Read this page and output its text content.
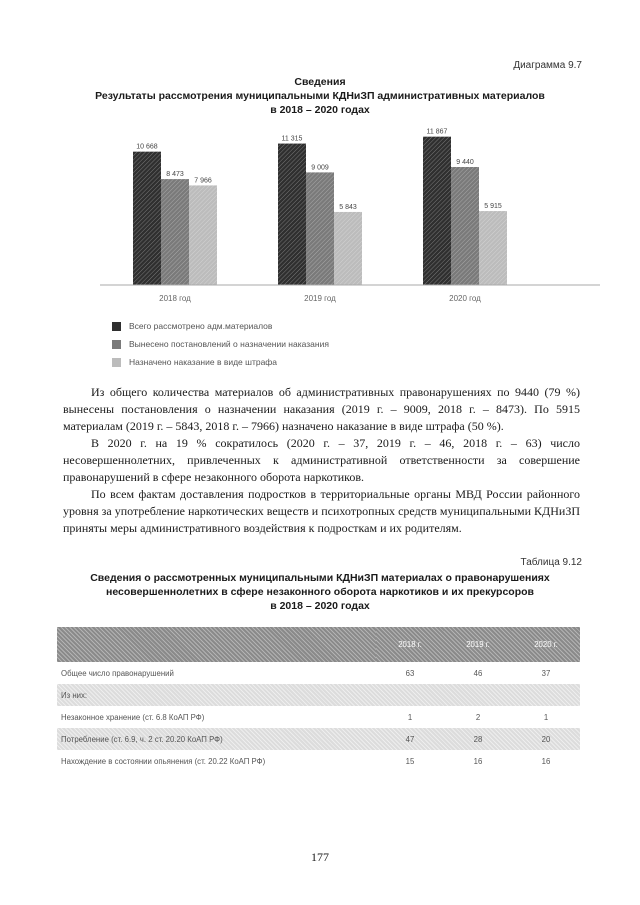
Диаграмма 9.7
Сведения
Результаты рассмотрения муниципальными КДНиЗП административных материалов
в 2018 – 2020 годах
10 668
8 473
7 966
2018 год
11 315
9 009
5 843
2019 год
11 867
9 440
5 915
2020 год
Всего рассмотрено адм.материалов
Вынесено постановлений о назначении наказания
Назначено наказание в виде штрафа

Из общего количества материалов об административных правонарушениях по 9440 (79 %) вынесены постановления о назначении наказания (2019 г. – 9009, 2018 г. – 8473). По 5915 материалам (2019 г. – 5843, 2018 г. – 7966) назначено наказание в виде штрафа (50 %).

В 2020 г. на 19 % сократилось (2020 г. – 37, 2019 г. – 46, 2018 г. – 63) число несовершеннолетних, привлеченных к административной ответственности за совершение правонарушений в сфере незаконного оборота наркотиков.

По всем фактам доставления подростков в территориальные органы МВД России районного уровня за употребление наркотических веществ и психотропных средств муниципальными КДНиЗП приняты меры административного воздействия к подросткам и их родителям.

Таблица 9.12
Сведения о рассмотренных муниципальными КДНиЗП материалах о правонарушениях
несовершеннолетних в сфере незаконного оборота наркотиков и их прекурсоров
в 2018 – 2020 годах
	2018 г.	2019 г.	2020 г.
Общее число правонарушений	63	46	37
Из них:			
Незаконное хранение (ст. 6.8 КоАП РФ)	1	2	1
Потребление (ст. 6.9, ч. 2 ст. 20.20 КоАП РФ)	47	28	20
Нахождение в состоянии опьянения (ст. 20.22 КоАП РФ)	15	16	16
177
